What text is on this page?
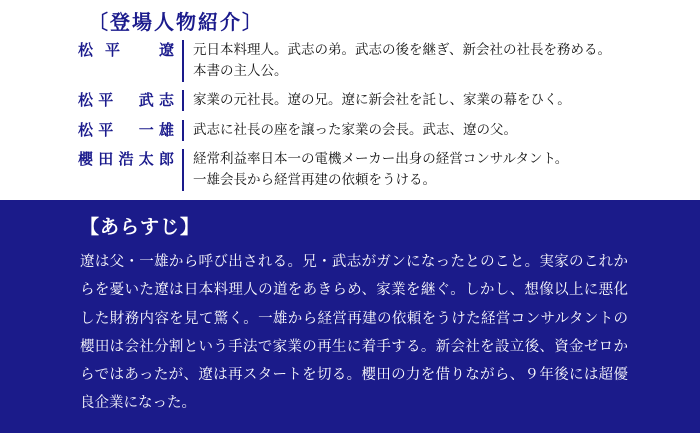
〔登場人物紹介〕
松平　遼	元日本料理人。武志の弟。武志の後を継ぎ、新会社の社長を務める。
本書の主人公。
松平　武志	家業の元社長。遼の兄。遼に新会社を託し、家業の幕をひく。
松平　一雄	武志に社長の座を譲った家業の会長。武志、遼の父。
櫻田浩太郎	経常利益率日本一の電機メーカー出身の経営コンサルタント。
一雄会長から経営再建の依頼をうける。
【あらすじ】
遼は父・一雄から呼び出される。兄・武志がガンになったとのこと。実家のこれからを憂いた遼は日本料理人の道をあきらめ、家業を継ぐ。しかし、想像以上に悪化した財務内容を見て驚く。一雄から経営再建の依頼をうけた経営コンサルタントの櫻田は会社分割という手法で家業の再生に着手する。新会社を設立後、資金ゼロからではあったが、遼は再スタートを切る。櫻田の力を借りながら、９年後には超優良企業になった。
